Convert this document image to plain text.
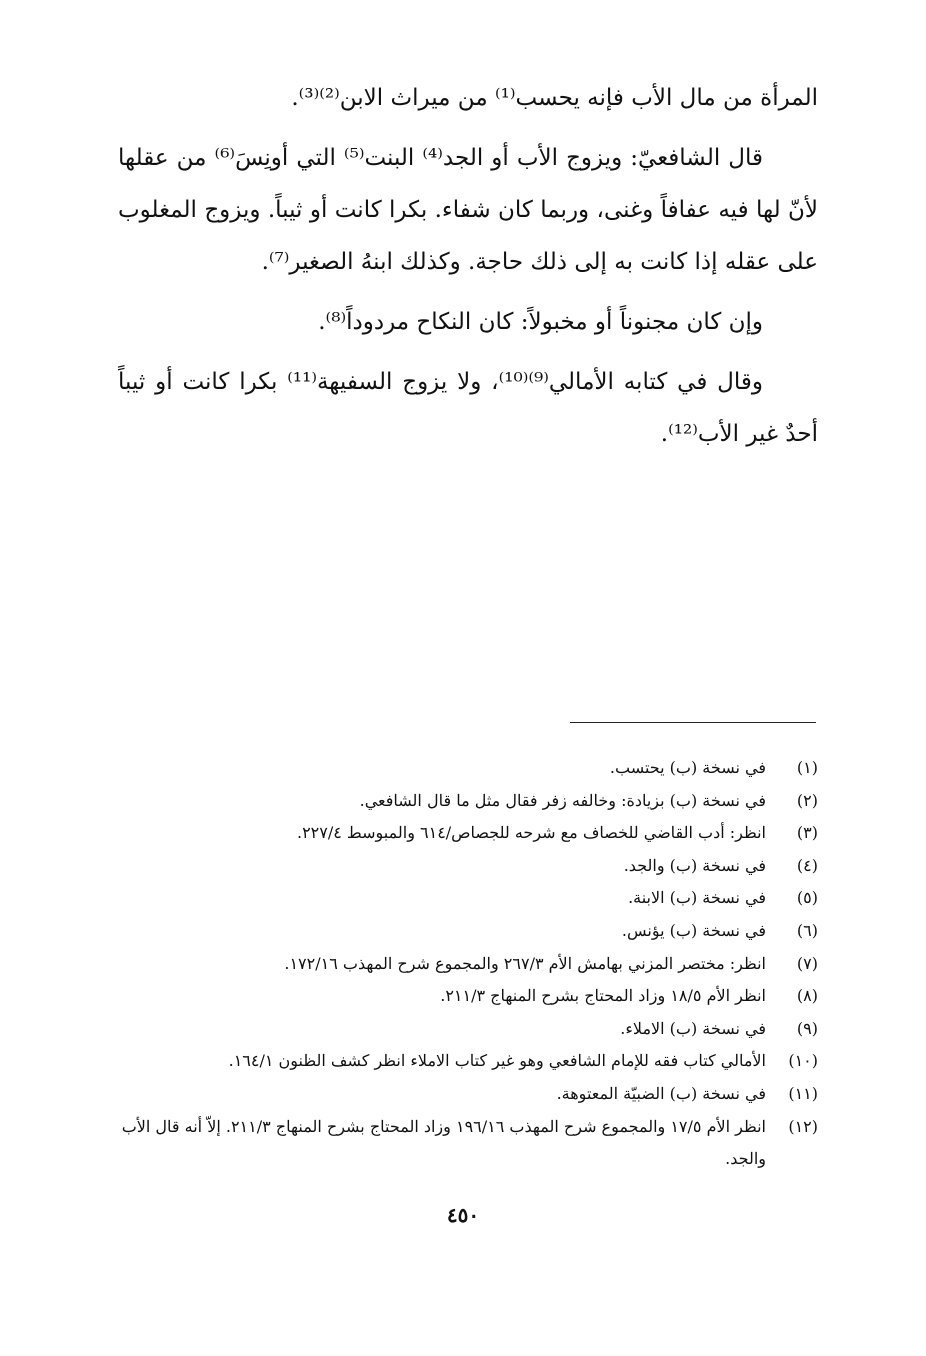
المرأة من مال الأب فإنه يحسب⁽¹⁾ من ميراث الابن⁽²⁾⁽³⁾.

قال الشافعيّ: ويزوج الأب أو الجد⁽⁴⁾ البنت⁽⁵⁾ التي أونِسَ⁽⁶⁾ من عقلها لأنّ لها فيه عفافاً وغنى، وربما كان شفاء. بكرا كانت أو ثيباً. ويزوج المغلوب على عقله إذا كانت به إلى ذلك حاجة. وكذلك ابنهُ الصغير⁽⁷⁾.

وإن كان مجنوناً أو مخبولاً: كان النكاح مردوداً⁽⁸⁾.

وقال في كتابه الأمالي⁽⁹⁾⁽¹⁰⁾، ولا يزوج السفيهة⁽¹¹⁾ بكرا كانت أو ثيباً أحدٌ غير الأب⁽¹²⁾.

(١)
في نسخة (ب) يحتسب.
(٢)
في نسخة (ب) بزيادة: وخالفه زفر فقال مثل ما قال الشافعي.
(٣)
انظر: أدب القاضي للخصاف مع شرحه للجصاص/٦١٤ والمبوسط ٢٢٧/٤.
(٤)
في نسخة (ب) والجد.
(٥)
في نسخة (ب) الابنة.
(٦)
في نسخة (ب) يؤنس.
(٧)
انظر: مختصر المزني بهامش الأم ٢٦٧/٣ والمجموع شرح المهذب ١٧٢/١٦.
(٨)
انظر الأم ١٨/٥ وزاد المحتاج بشرح المنهاج ٢١١/٣.
(٩)
في نسخة (ب) الاملاء.
(١٠)
الأمالي كتاب فقه للإمام الشافعي وهو غير كتاب الاملاء انظر كشف الظنون ١٦٤/١.
(١١)
في نسخة (ب) الضبيّة المعتوهة.
(١٢)
انظر الأم ١٧/٥ والمجموع شرح المهذب ١٩٦/١٦ وزاد المحتاج بشرح المنهاج ٢١١/٣. إلاّ أنه قال الأب والجد.
٤٥٠
